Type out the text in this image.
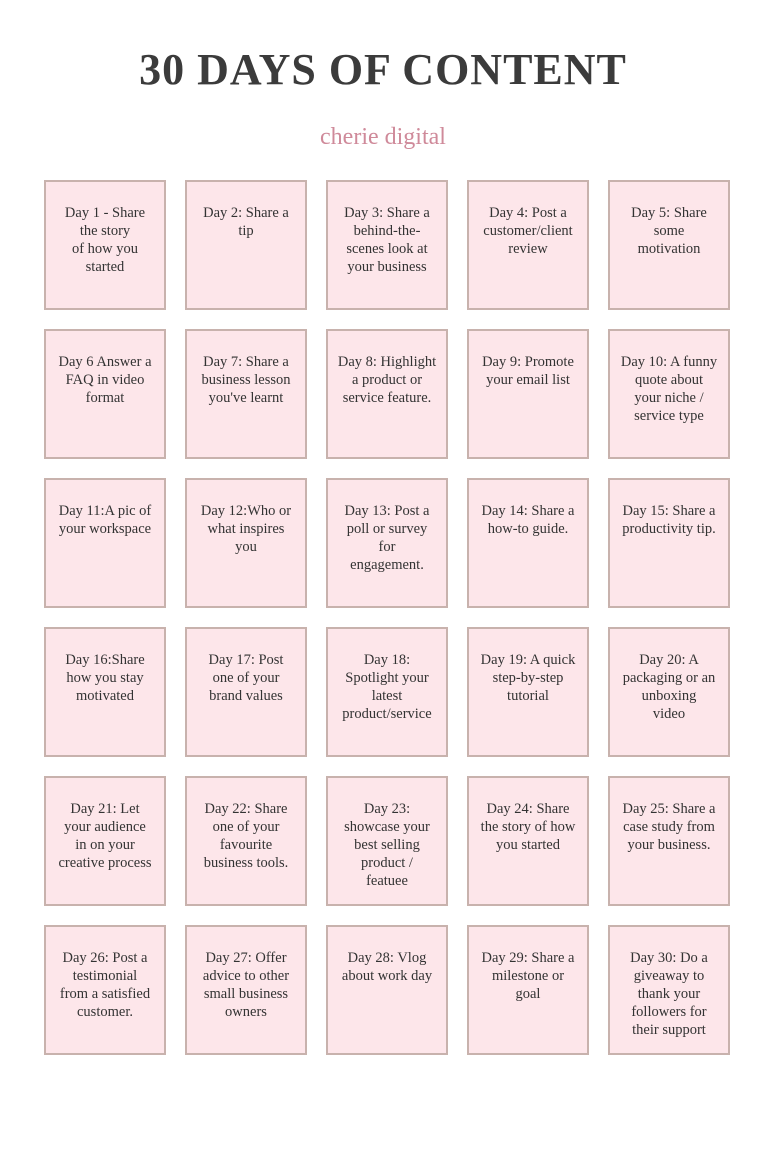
30 DAYS OF CONTENT
cherie digital
Day 1 - Share
the story
of how you
started
Day 2: Share a
tip
Day 3: Share a
behind-the-
scenes look at
your business
Day 4: Post a
customer/client
review
Day 5: Share
some
motivation
Day 6 Answer a
FAQ in video
format
Day 7: Share a
business lesson
you've learnt
Day 8: Highlight
a product or
service feature.
Day 9: Promote
your email list
Day 10: A funny
quote about
your niche /
service type
Day 11:A pic of
your workspace
Day 12:Who or
what inspires
you
Day 13: Post a
poll or survey
for
engagement.
Day 14: Share a
how-to guide.
Day 15: Share a
productivity tip.
Day 16:Share
how you stay
motivated
Day 17: Post
one of your
brand values
Day 18:
Spotlight your
latest
product/service
Day 19: A quick
step-by-step
tutorial
Day 20: A
packaging or an
unboxing
video
Day 21: Let
your audience
in on your
creative process
Day 22: Share
one of your
favourite
business tools.
Day 23:
showcase your
best selling
product /
featuee
Day 24: Share
the story of how
you started
Day 25: Share a
case study from
your business.
Day 26: Post a
testimonial
from a satisfied
customer.
Day 27: Offer
advice to other
small business
owners
Day 28: Vlog
about work day
Day 29: Share a
milestone or
goal
Day 30: Do a
giveaway to
thank your
followers for
their support
